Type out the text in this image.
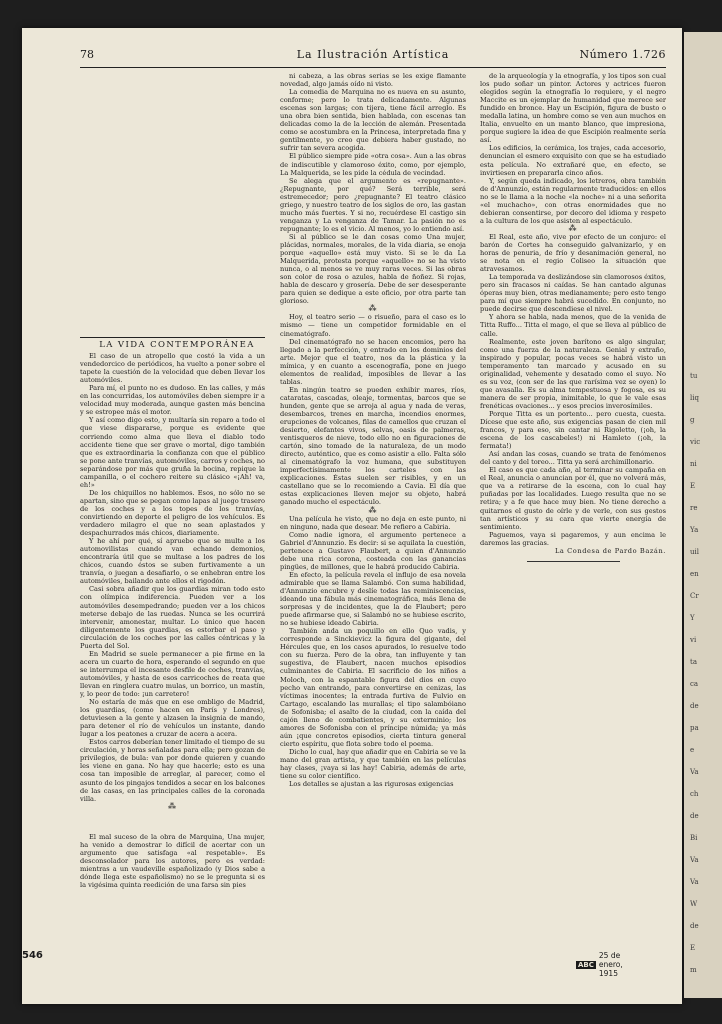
78	La Ilustración Artística	Número 1.726

LA VIDA CONTEMPORÁNEA

El caso de un atropello que costó la vida a un vendedorcico de periódicos, ha vuelto a poner sobre el tapete la cuestión de la velocidad que deben llevar los automóviles.

Para mí, el punto no es dudoso. En las calles, y más en las concurridas, los automóviles deben siempre ir a velocidad muy moderada, aunque gasten más bencina y se estropee más el motor.

Y así como digo esto, y multaría sin reparo a todo el que viese dispararse, porque es evidente que corriendo como alma que lleva el diablo todo accidente tiene que ser grave o mortal, digo también que es extraordinaria la confianza con que el público se pone ante tranvías, automóviles, carros y coches, no separándose por más que gruña la bocina, repique la campanilla, o el cochero reitere su clásico «¡Ah! va, eh!»

De los chiquillos no hablemos. Esos, no sólo no se apartan, sino que se pegan como lapas al juego trasero de los coches y a los topes de los tranvías, convirtiendo en deporte el peligro de los vehículos. Es verdadero milagro el que no sean aplastados y despachurrados más chicos, diariamente.

Y he ahí por qué, sí apruebo que se multe a los automovilistas cuando van echando demonios, encontraría útil que se multase a los padres de los chicos, cuando éstos se suben furtivamente a un tranvía, o juegan a desafiarlo, o se enhebran entre los automóviles, bailando ante ellos el rigodón.

Casi sobra añadir que los guardias miran todo esto con olímpica indiferencia. Pueden ver a los automóviles desempedrando; pueden ver a los chicos meterse debajo de las ruedas. Nunca se les ocurrirá intervenir, amonestar, multar. Lo único que hacen diligentemente los guardias, es estorbar el paso y circulación de los coches por las calles céntricas y la Puerta del Sol.

En Madrid se suele permanecer a pie firme en la acera un cuarto de hora, esperando el segundo en que se interrumpa el incesante desfile de coches, tranvías, automóviles, y hasta de esos carricoches de reata que llevan en ringlera cuatro mulas, un borrico, un mastín, y, lo peor de todo: ¡un carretero!

No estaría de más que en ese ombligo de Madrid, los guardias, (como hacen en París y Londres), detuviesen a la gente y alzasen la insignia de mando, para detener el río de vehículos un instante, dando lugar a los peatones a cruzar de acera a acera.

Estos carros deberían tener limitado el tiempo de su circulación, y horas señaladas para ella; pero gozan de privilegios, de bula: van por donde quieren y cuando les viene en gana. No hay que hacerle; esto es una cosa tan imposible de arreglar, al parecer, como el asunto de los pingajos tendidos a secar en los balcones de las casas, en las principales calles de la coronada villa.

⁂

El mal suceso de la obra de Marquina, Una mujer, ha venido a demostrar lo difícil de acertar con un argumento que satisfaga «al respetable». Es desconsolador para los autores, pero es verdad: mientras a un vaudeville españolizado (y Dios sabe a dónde llega este españolismo) no se le pregunta si es la vigésima quinta reedición de una farsa sin pies

ni cabeza, a las obras serias se les exige flamante novedad, algo jamás oído ni visto.

La comedia de Marquina no es nueva en su asunto, conforme; pero lo trata delicadamente. Algunas escenas son largas; con tijera, tiene fácil arreglo. Es una obra bien sentida, bien hablada, con escenas tan delicadas como la de la lección de alemán. Presentada como se acostumbra en la Princesa, interpretada fina y gentilmente, yo creo que debiera haber gustado, no sufrir tan severa acogida.

El público siempre pide «otra cosa». Aun a las obras de indiscutible y clamoroso éxito, como, por ejemplo, La Malquerida, se les pide la cédula de vecindad.

Se alega que el argumento es «repugnante». ¿Repugnante, por qué? Será terrible, será estremecedor; pero ¿repugnante? El teatro clásico griego, y nuestro teatro de los siglos de oro, las gastan mucho más fuertes. Y si no, recuérdese El castigo sin venganza y La venganza de Tamar. La pasión no es repugnante; lo es el vicio. Al menos, yo lo entiendo así.

Si al público se le dan cosas como Una mujer, plácidas, normales, morales, de la vida diaria, se enoja porque «aquello» está muy visto. Si se le da La Malquerida, protesta porque «aquello» no se ha visto nunca, o al menos se ve muy raras veces. Si las obras son color de rosa o azules, habla de ñoñez. Si rojas, habla de descaro y grosería. Debe de ser desesperante para quien se dedique a este oficio, por otra parte tan glorioso.

⁂

Hoy, el teatro serio — o risueño, para el caso es lo mismo — tiene un competidor formidable en el cinematógrafo.

Del cinematógrafo no se hacen encomios, pero ha llegado a la perfección, y entrado en los dominios del arte. Mejor que el teatro, nos da la plástica y la mímica, y en cuanto a escenografía, pone en juego elementos de realidad, imposibles de llevar a las tablas.

En ningún teatro se pueden exhibir mares, ríos, cataratas, cascadas, oleaje, tormentas, barcos que se hunden, gente que se arroja al agua y nada de veras, desembarcos, trenes en marcha, incendios enormes, erupciones de volcanes, filas de camellos que cruzan el desierto, elefantes vivos, selvas, oasis de palmeras, ventisqueros de nieve, todo ello no en figuraciones de cartón, sino tomado de la naturaleza, de un modo directo, auténtico, que es como asistir a ello. Falta sólo al cinematógrafo la voz humana, que substituyen imperfectísimamente los carteles con las explicaciones. Éstas suelen ser risibles, y en un castellano que se lo recomiendo a Cavia. El día que estas explicaciones lleven mejor su objeto, habrá ganado mucho el espectáculo.

⁂

Una película he visto, que no deja en este punto, ni en ninguno, nada que desear. Me refiero a Cabiria.

Como nadie ignora, el argumento pertenece a Gabriel d'Annunzio. Es decir: si se aquilata la cuestión, pertenece a Gustavo Flaubert, a quien d'Annunzio debe una rica corona, costeada con las ganancias pingües, de millones, que le habrá producido Cabiria.

En efecto, la película revela el influjo de esa novela admirable que se llama Salambó. Con suma habilidad, d'Annunzio encubre y deslíe todas las reminiscencias, ideando una fábula más cinematográfica, más llena de sorpresas y de incidentes, que la de Flaubert; pero puede afirmarse que, si Salambó no se hubiese escrito, no se hubiese ideado Cabiria.

También anda un poquillo en ello Quo vadis, y corresponde a Sinckievicz la figura del gigante, del Hércules que, en los casos apurados, lo resuelve todo con su fuerza. Pero de la obra, tan influyente y tan sugestiva, de Flaubert, nacen muchos episodios culminantes de Cabiria. El sacrificio de los niños a Moloch, con la espantable figura del dios en cuyo pecho van entrando, para convertirse en cenizas, las víctimas inocentes; la entrada furtiva de Fulvio en Cartago, escalando las murallas; el tipo salambóiano de Sofonisba; el asalto de la ciudad, con la caída del cajón lleno de combatientes, y su exterminio; los amores de Sofonisba con el príncipe númida; ya más aún ¡que concretos episodios, cierta tintura general cierto espíritu, que flota sobre todo el poema.

Dicho lo cual, hay que añadir que en Cabiria se ve la mano del gran artista, y que también en las películas hay clases, ¡vaya si las hay! Cabiria, además de arte, tiene su color científico.

Los detalles se ajustan a las rigurosas exigencias

de la arqueología y la etnografía, y los tipos son cual los pudo soñar un pintor. Actores y actrices fueron elegidos según la etnografía lo requiere, y el negro Maccite es un ejemplar de humanidad que merece ser fundido en bronce. Hay un Escipión, figura de busto o medalla latina, un hombre como se ven aun muchos en Italia, envuelto en un manto blanco, que impresiona, porque sugiere la idea de que Escipión realmente sería así.

Los edificios, la cerámica, los trajes, cada accesorio, denuncian el esmero exquisito con que se ha estudiado esta película. No extrañaré que, en efecto, se invirtiesen en prepararla cinco años.

Y, según queda indicado, los letreros, obra también de d'Annunzio, están regularmente traducidos: en ellos no se le llama a la noche «la noche» ni a una señorita «el muchacho», con otras enormidades que no debieran consentirse, por decoro del idioma y respeto a la cultura de los que asisten al espectáculo.

⁂

El Real, este año, vive por efecto de un conjuro: el barón de Cortes ha conseguido galvanizarlo, y en horas de penuria, de frío y desanimación general, no se nota en el regio Coliseo la situación que atravesamos.

La temporada va deslizándose sin clamorosos éxitos, pero sin fracasos ni caídas. Se han cantado algunas óperas muy bien, otras medianamente; pero esto tengo para mí que siempre habrá sucedido. En conjunto, no puede decirse que descendiese el nivel.

Y ahora se habla, nada menos, que de la venida de Titta Ruffo... Titta el mago, el que se lleva al público de calle.

Realmente, este joven barítono es algo singular, como una fuerza de la naturaleza. Genial y extraño, inspirado y popular, pocas veces se habrá visto un temperamento tan marcado y acusado en su originalidad, vehemente y desatado como el suyo. No es su voz, (con ser de las que rarísima vez se oyen) lo que avasalla. Es su alma tempestuosa y fogosa, es su manera de ser propia, inimitable, lo que le vale esas frenéticas ovaciones... y esos precios inverosímiles.

Porque Titta es un portento... pero cuesta, cuesta. Dícese que este año, sus exigencias pasan de cien mil francos, y para eso, sin cantar ni Rigoletto, (¡oh, la escena de los cascabeles!) ni Hamleto (¡oh, la fermata!)

Así andan las cosas, cuando se trata de fenómenos del canto y del toreo... Titta ya será archimillonario.

El caso es que cada año, al terminar su campaña en el Real, anuncia o anuncian por él, que no volverá más, que va a retirarse de la escena, con lo cual hay puñadas por las localidades. Luego resulta que no se retira; y a fe que hace muy bien. No tiene derecho a quitarnos el gusto de oírle y de verle, con sus gestos tan artísticos y su cara que vierte energía de sentimiento.

Paguemos, vaya si pagaremos, y aun encima le daremos las gracias.

La Condesa de Pardo Bazán.

tu
liq
g
vic
ni
E
re
Ya
uil
en
Cr
Y
vi
ta
ca
de
pa
e
Va
ch
de
Bi
Va
Va
W
de
E
m
546
ABC
25 de enero, 1915
